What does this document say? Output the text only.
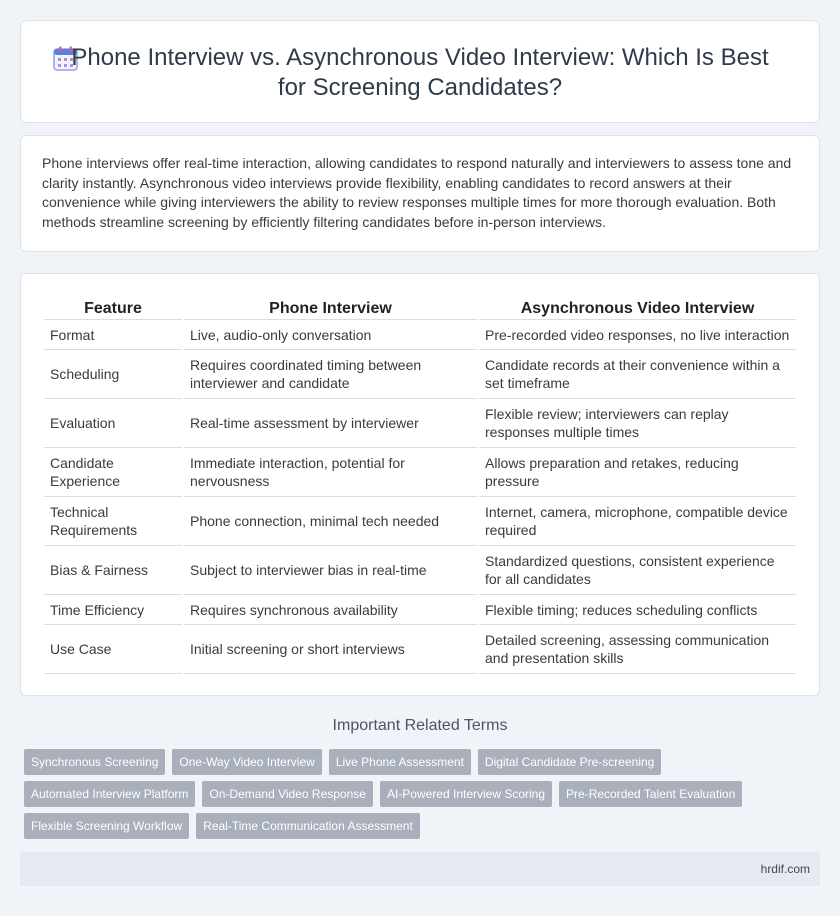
Phone Interview vs. Asynchronous Video Interview: Which Is Best for Screening Candidates?

Phone interviews offer real-time interaction, allowing candidates to respond naturally and interviewers to assess tone and clarity instantly. Asynchronous video interviews provide flexibility, enabling candidates to record answers at their convenience while giving interviewers the ability to review responses multiple times for more thorough evaluation. Both methods streamline screening by efficiently filtering candidates before in-person interviews.

Feature	Phone Interview	Asynchronous Video Interview
Format	Live, audio-only conversation	Pre-recorded video responses, no live interaction
Scheduling	Requires coordinated timing between interviewer and candidate	Candidate records at their convenience within a set timeframe
Evaluation	Real-time assessment by interviewer	Flexible review; interviewers can replay responses multiple times
Candidate Experience	Immediate interaction, potential for nervousness	Allows preparation and retakes, reducing pressure
Technical Requirements	Phone connection, minimal tech needed	Internet, camera, microphone, compatible device required
Bias & Fairness	Subject to interviewer bias in real-time	Standardized questions, consistent experience for all candidates
Time Efficiency	Requires synchronous availability	Flexible timing; reduces scheduling conflicts
Use Case	Initial screening or short interviews	Detailed screening, assessing communication and presentation skills
Important Related Terms
Synchronous Screening	One-Way Video Interview	Live Phone Assessment	Digital Candidate Pre-screening
Automated Interview Platform	On-Demand Video Response	AI-Powered Interview Scoring	Pre-Recorded Talent Evaluation
Flexible Screening Workflow	Real-Time Communication Assessment
hrdif.com
